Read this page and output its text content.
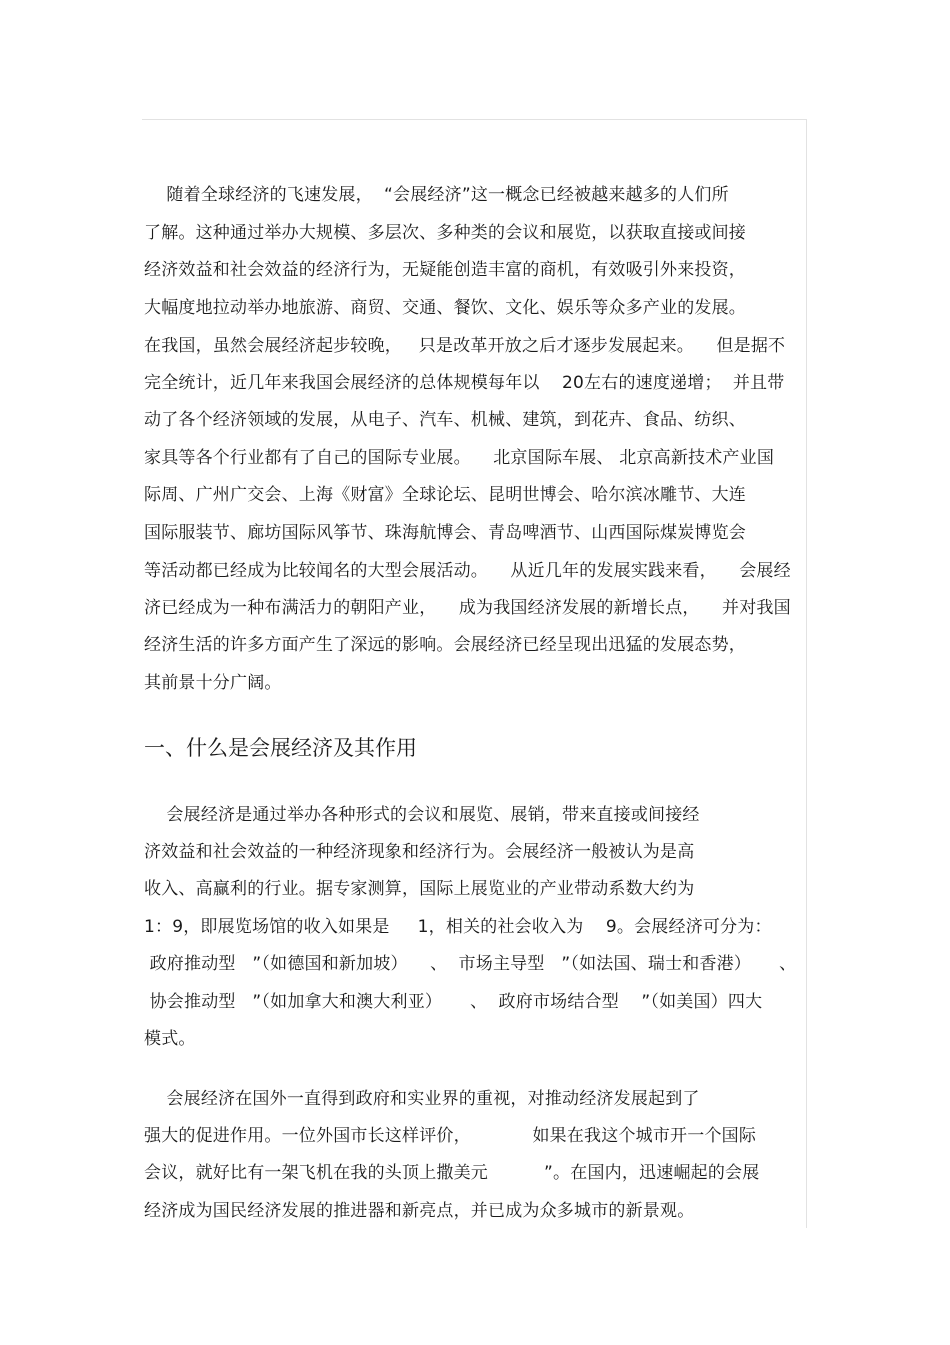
随着全球经济的飞速发展，  “会展经济”这一概念已经被越来越多的人们所
了解。这种通过举办大规模、多层次、多种类的会议和展览，以获取直接或间接
经济效益和社会效益的经济行为，无疑能创造丰富的商机，有效吸引外来投资，
大幅度地拉动举办地旅游、商贸、交通、餐饮、文化、娱乐等众多产业的发展。
在我国，虽然会展经济起步较晚，   只是改革开放之后才逐步发展起来。    但是据不
完全统计，近几年来我国会展经济的总体规模每年以    20左右的速度递增；  并且带
动了各个经济领域的发展，从电子、汽车、机械、建筑，到花卉、食品、纺织、
家具等各个行业都有了自己的国际专业展。    北京国际车展、 北京高新技术产业国
际周、广州广交会、上海《财富》全球论坛、昆明世博会、哈尔滨冰雕节、大连
国际服装节、廊坊国际风筝节、珠海航博会、青岛啤酒节、山西国际煤炭博览会
等活动都已经成为比较闻名的大型会展活动。    从近几年的发展实践来看，    会展经
济已经成为一种布满活力的朝阳产业，    成为我国经济发展的新增长点，    并对我国
经济生活的许多方面产生了深远的影响。会展经济已经呈现出迅猛的发展态势，
其前景十分广阔。
一、什么是会展经济及其作用
会展经济是通过举办各种形式的会议和展览、展销，带来直接或间接经
济效益和社会效益的一种经济现象和经济行为。会展经济一般被认为是高
收入、高赢利的行业。据专家测算，国际上展览业的产业带动系数大约为
1：9，即展览场馆的收入如果是     1，相关的社会收入为    9。会展经济可分为：
政府推动型   ”（如德国和新加坡）    、  市场主导型   ”（如法国、瑞士和香港）     、
协会推动型   ”（如加拿大和澳大利亚）     、  政府市场结合型    ”（如美国）四大
模式。
会展经济在国外一直得到政府和实业界的重视，对推动经济发展起到了
强大的促进作用。一位外国市长这样评价，           如果在我这个城市开一个国际
会议，就好比有一架飞机在我的头顶上撒美元          ”。在国内，迅速崛起的会展
经济成为国民经济发展的推进器和新亮点，并已成为众多城市的新景观。
